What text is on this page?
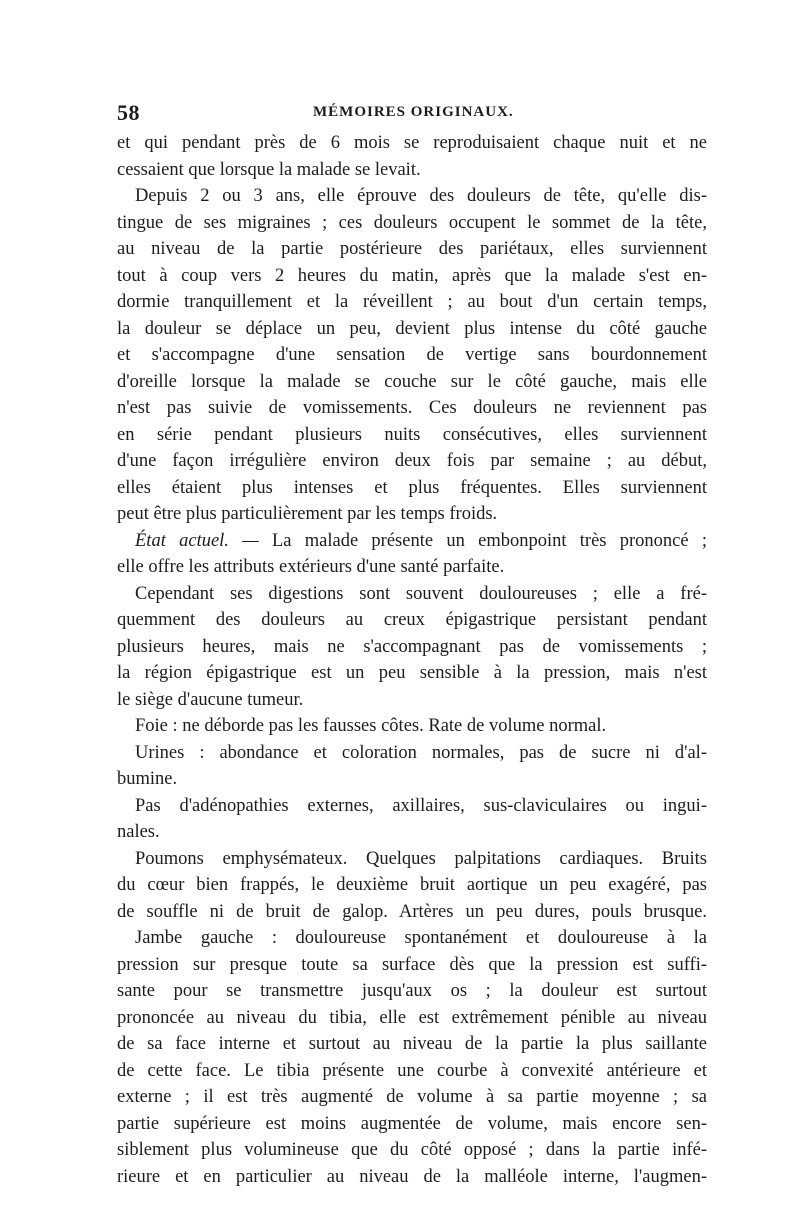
58	MÉMOIRES ORIGINAUX.
et qui pendant près de 6 mois se reproduisaient chaque nuit et ne
cessaient que lorsque la malade se levait.
Depuis 2 ou 3 ans, elle éprouve des douleurs de tête, qu'elle dis-
tingue de ses migraines ; ces douleurs occupent le sommet de la tête,
au niveau de la partie postérieure des pariétaux, elles surviennent
tout à coup vers 2 heures du matin, après que la malade s'est en-
dormie tranquillement et la réveillent ; au bout d'un certain temps,
la douleur se déplace un peu, devient plus intense du côté gauche
et s'accompagne d'une sensation de vertige sans bourdonnement
d'oreille lorsque la malade se couche sur le côté gauche, mais elle
n'est pas suivie de vomissements. Ces douleurs ne reviennent pas
en série pendant plusieurs nuits consécutives, elles surviennent
d'une façon irrégulière environ deux fois par semaine ; au début,
elles étaient plus intenses et plus fréquentes. Elles surviennent
peut être plus particulièrement par les temps froids.
État actuel. — La malade présente un embonpoint très prononcé ;
elle offre les attributs extérieurs d'une santé parfaite.
Cependant ses digestions sont souvent douloureuses ; elle a fré-
quemment des douleurs au creux épigastrique persistant pendant
plusieurs heures, mais ne s'accompagnant pas de vomissements ;
la région épigastrique est un peu sensible à la pression, mais n'est
le siège d'aucune tumeur.
Foie : ne déborde pas les fausses côtes. Rate de volume normal.
Urines : abondance et coloration normales, pas de sucre ni d'al-
bumine.
Pas d'adénopathies externes, axillaires, sus-claviculaires ou ingui-
nales.
Poumons emphysémateux. Quelques palpitations cardiaques. Bruits
du cœur bien frappés, le deuxième bruit aortique un peu exagéré, pas
de souffle ni de bruit de galop. Artères un peu dures, pouls brusque.
Jambe gauche : douloureuse spontanément et douloureuse à la
pression sur presque toute sa surface dès que la pression est suffi-
sante pour se transmettre jusqu'aux os ; la douleur est surtout
prononcée au niveau du tibia, elle est extrêmement pénible au niveau
de sa face interne et surtout au niveau de la partie la plus saillante
de cette face. Le tibia présente une courbe à convexité antérieure et
externe ; il est très augmenté de volume à sa partie moyenne ; sa
partie supérieure est moins augmentée de volume, mais encore sen-
siblement plus volumineuse que du côté opposé ; dans la partie infé-
rieure et en particulier au niveau de la malléole interne, l'augmen-
